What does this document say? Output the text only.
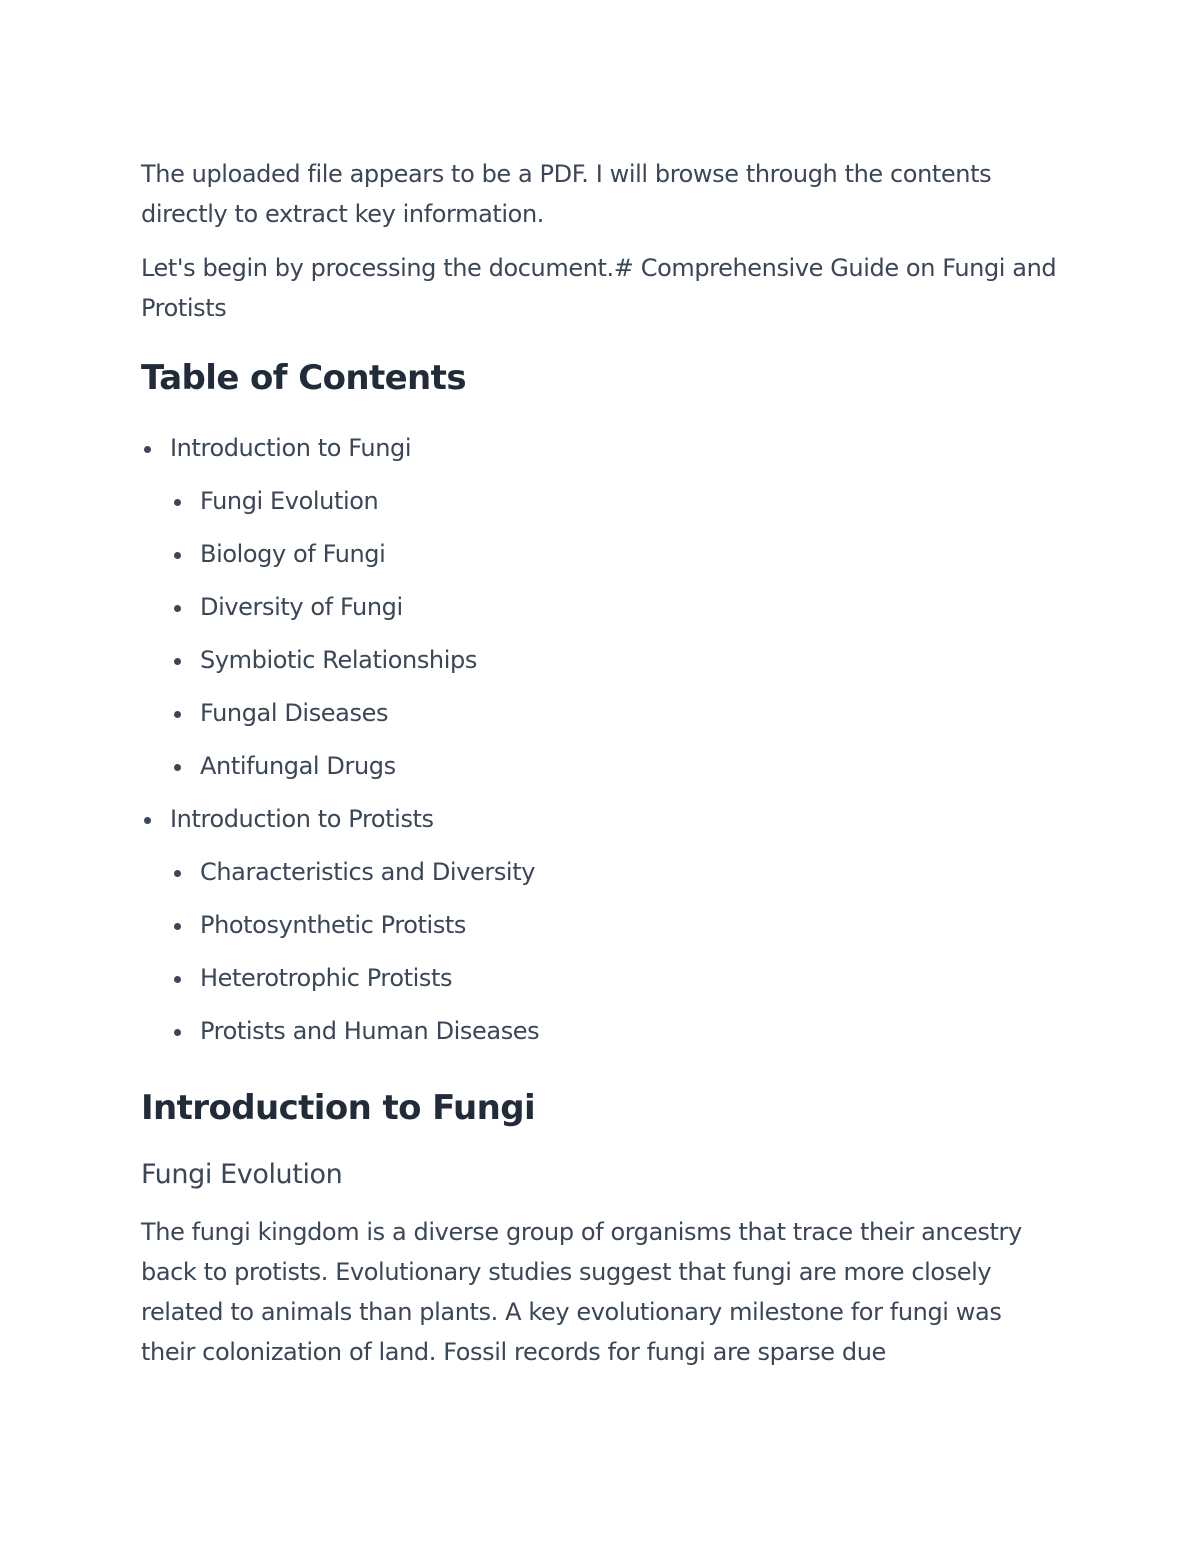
The uploaded file appears to be a PDF. I will browse through the contents directly to extract key information.

Let's begin by processing the document.# Comprehensive Guide on Fungi and Protists

Table of Contents
Introduction to Fungi
Fungi Evolution
Biology of Fungi
Diversity of Fungi
Symbiotic Relationships
Fungal Diseases
Antifungal Drugs
Introduction to Protists
Characteristics and Diversity
Photosynthetic Protists
Heterotrophic Protists
Protists and Human Diseases
Introduction to Fungi
Fungi Evolution

The fungi kingdom is a diverse group of organisms that trace their ancestry back to protists. Evolutionary studies suggest that fungi are more closely related to animals than plants. A key evolutionary milestone for fungi was their colonization of land. Fossil records for fungi are sparse due
